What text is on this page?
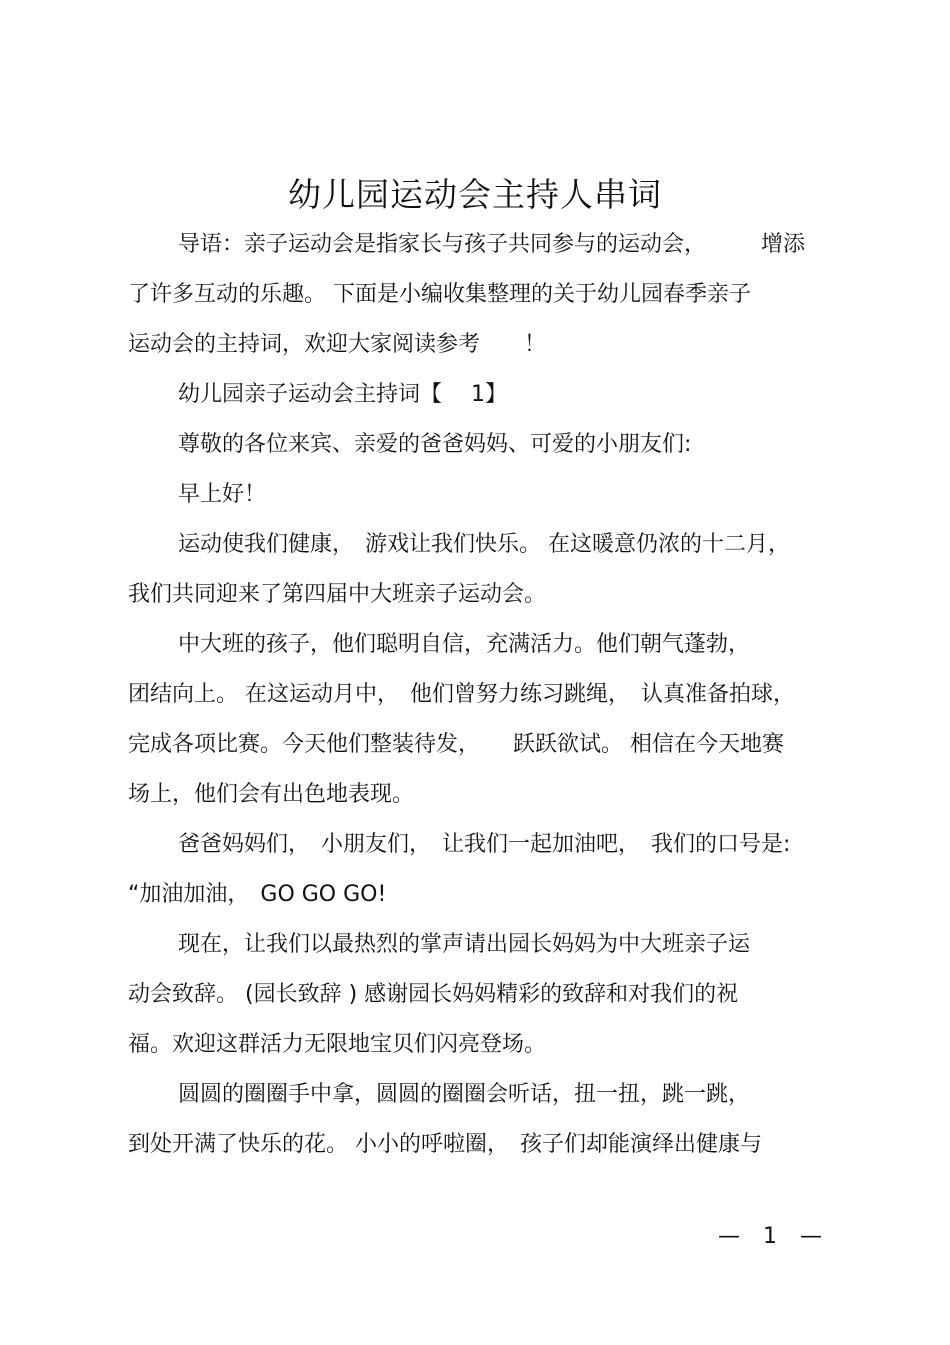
幼儿园运动会主持人串词
导语：亲子运动会是指家长与孩子共同参与的运动会，　　　增添
了许多互动的乐趣。 下面是小编收集整理的关于幼儿园春季亲子
运动会的主持词，欢迎大家阅读参考　　！
幼儿园亲子运动会主持词【　 1】
尊敬的各位来宾、亲爱的爸爸妈妈、可爱的小朋友们:
早上好！
运动使我们健康，　游戏让我们快乐。 在这暖意仍浓的十二月，
我们共同迎来了第四届中大班亲子运动会。
中大班的孩子，他们聪明自信，充满活力。他们朝气蓬勃，
团结向上。 在这运动月中，　他们曾努力练习跳绳，　认真准备拍球，
完成各项比赛。今天他们整装待发，　　跃跃欲试。 相信在今天地赛
场上，他们会有出色地表现。
爸爸妈妈们，　小朋友们，　让我们一起加油吧，　我们的口号是:
“加油加油，　GO GO GO!
现在，让我们以最热烈的掌声请出园长妈妈为中大班亲子运
动会致辞。 (园长致辞 ) 感谢园长妈妈精彩的致辞和对我们的祝
福。欢迎这群活力无限地宝贝们闪亮登场。
圆圆的圈圈手中拿，圆圆的圈圈会听话，扭一扭，跳一跳，
到处开满了快乐的花。 小小的呼啦圈，　孩子们却能演绎出健康与
— 1 —
